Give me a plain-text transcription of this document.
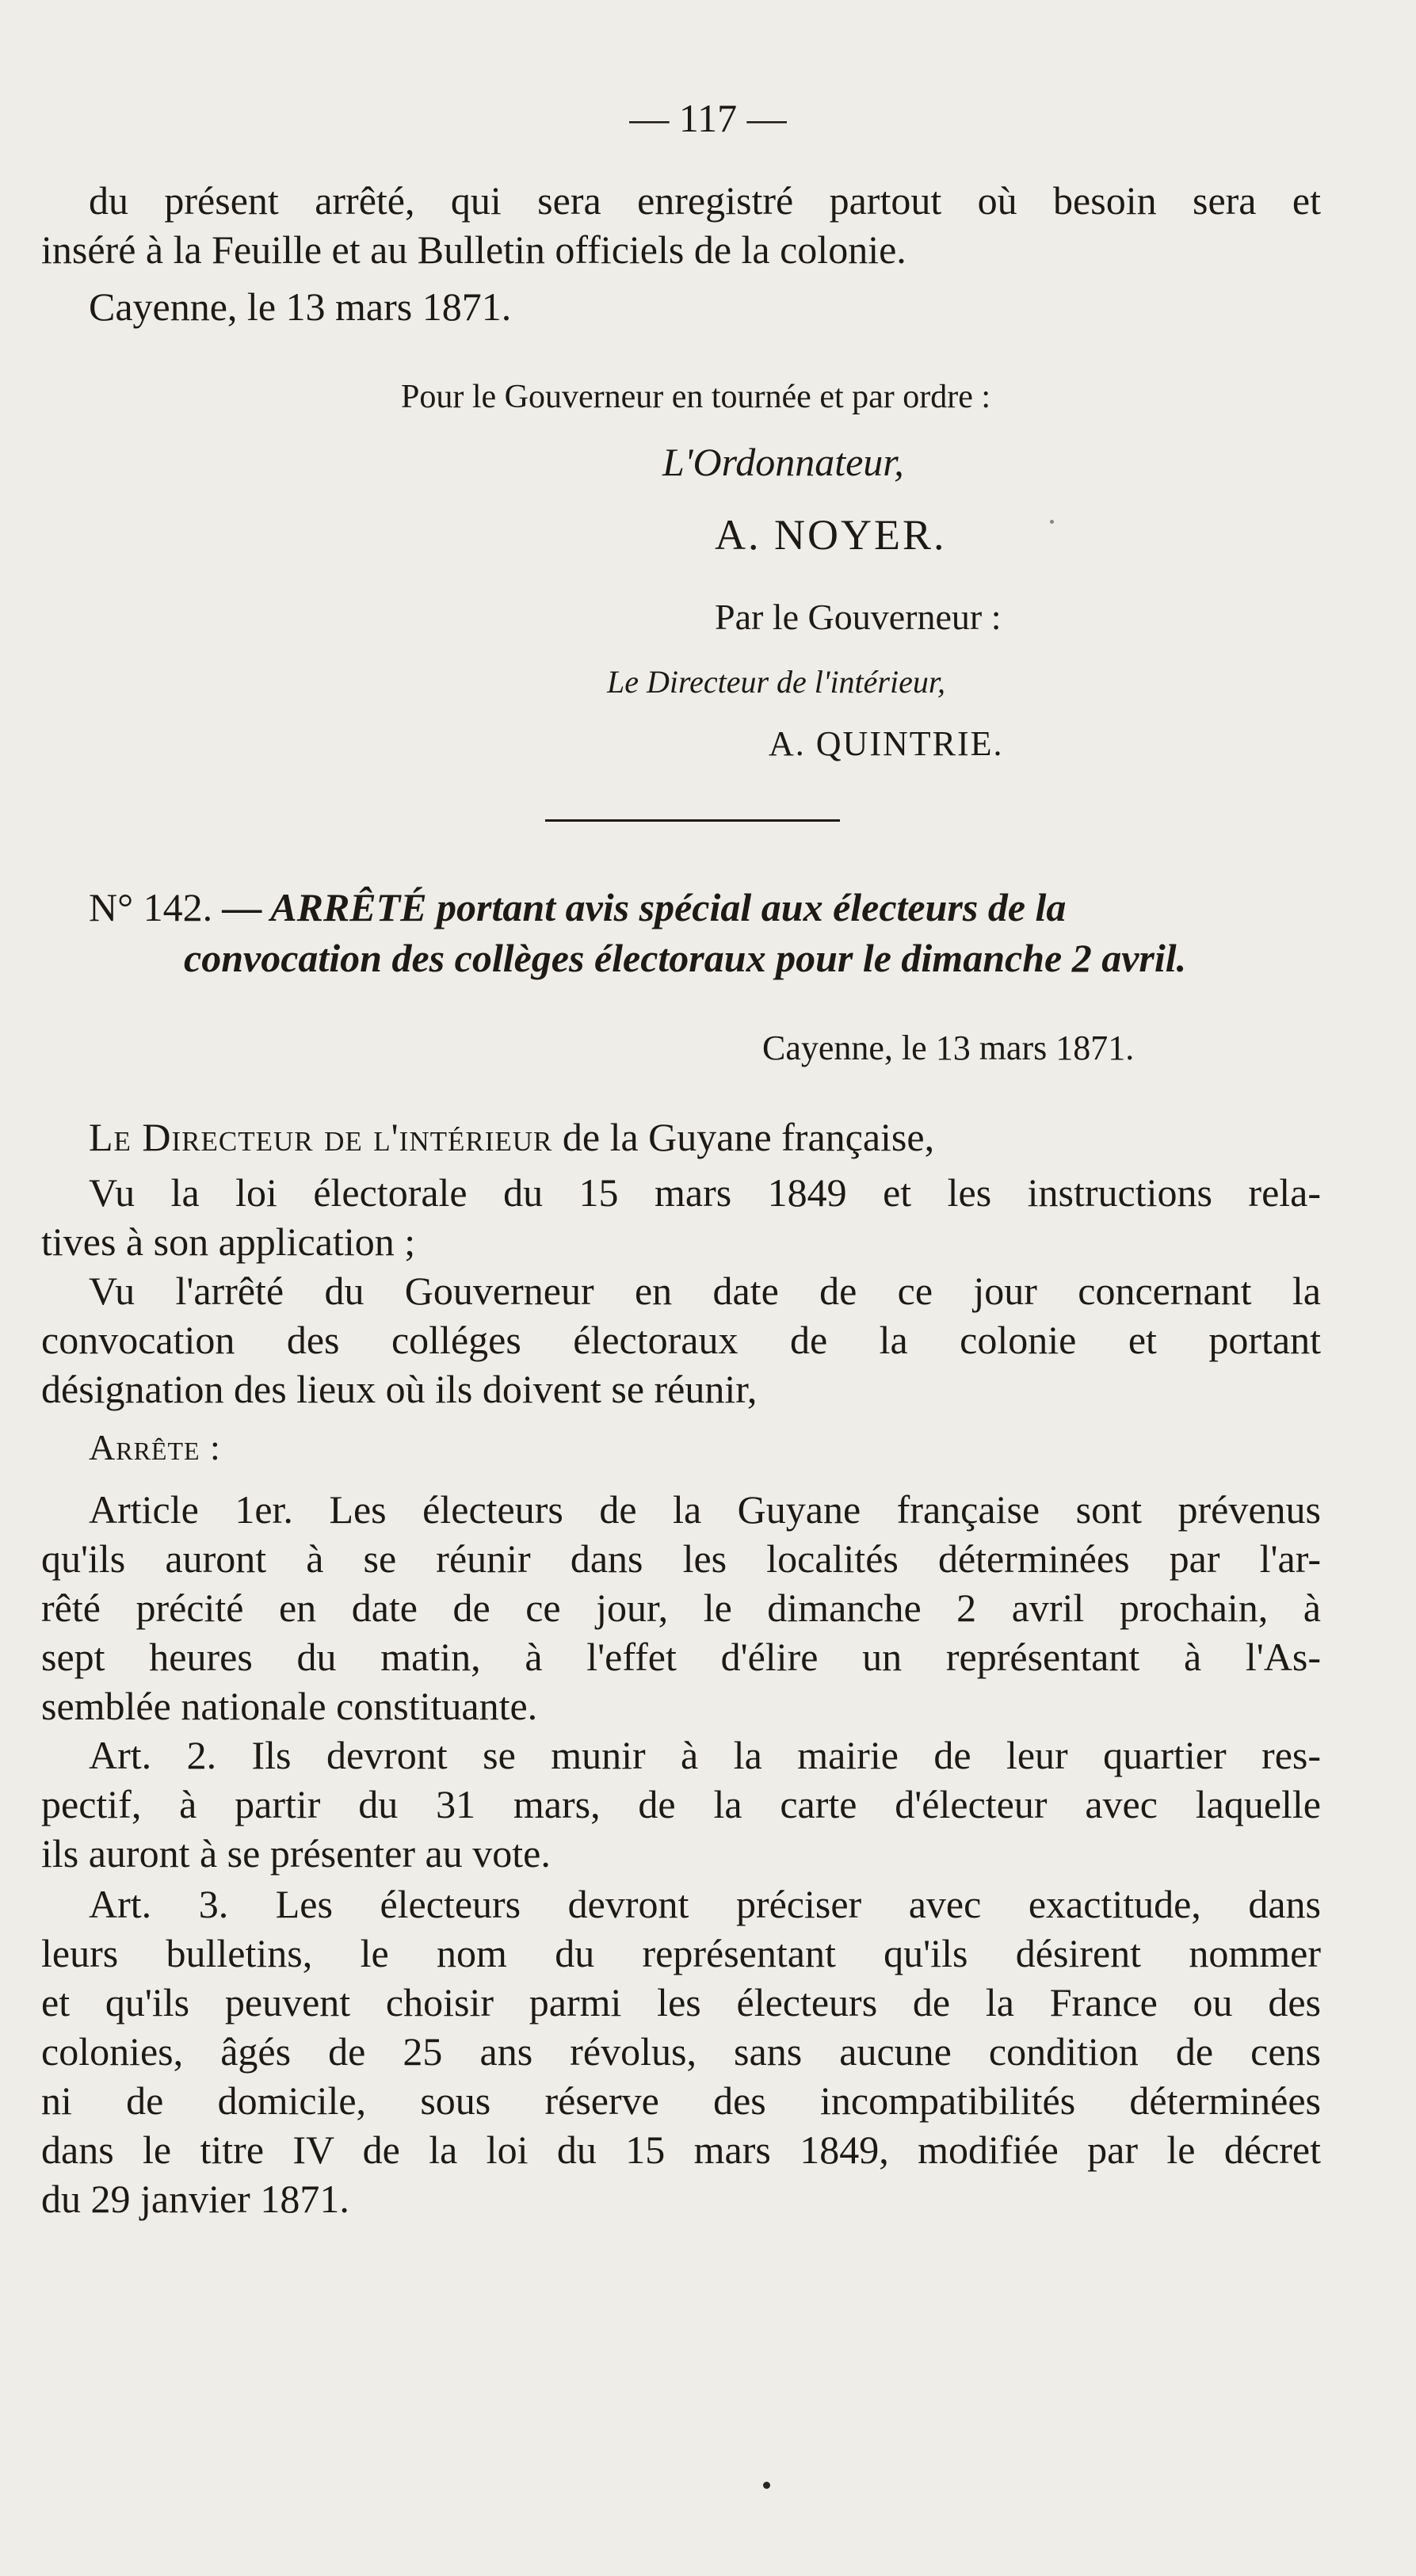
— 117 —
du présent arrêté, qui sera enregistré partout où besoin sera et
inséré à la Feuille et au Bulletin officiels de la colonie.
Cayenne, le 13 mars 1871.
Pour le Gouverneur en tournée et par ordre :
L'Ordonnateur,
A. NOYER.
Par le Gouverneur :
Le Directeur de l'intérieur,
A. QUINTRIE.
N° 142. — ARRÊTÉ portant avis spécial aux électeurs de la
convocation des collèges électoraux pour le dimanche 2 avril.
Cayenne, le 13 mars 1871.
Le Directeur de l'intérieur de la Guyane française,
Vu la loi électorale du 15 mars 1849 et les instructions rela-
tives à son application ;
Vu l'arrêté du Gouverneur en date de ce jour concernant la
convocation des colléges électoraux de la colonie et portant
désignation des lieux où ils doivent se réunir,
Arrête :
Article 1er. Les électeurs de la Guyane française sont prévenus
qu'ils auront à se réunir dans les localités déterminées par l'ar-
rêté précité en date de ce jour, le dimanche 2 avril prochain, à
sept heures du matin, à l'effet d'élire un représentant à l'As-
semblée nationale constituante.
Art. 2. Ils devront se munir à la mairie de leur quartier res-
pectif, à partir du 31 mars, de la carte d'électeur avec laquelle
ils auront à se présenter au vote.
Art. 3. Les électeurs devront préciser avec exactitude, dans
leurs bulletins, le nom du représentant qu'ils désirent nommer
et qu'ils peuvent choisir parmi les électeurs de la France ou des
colonies, âgés de 25 ans révolus, sans aucune condition de cens
ni de domicile, sous réserve des incompatibilités déterminées
dans le titre IV de la loi du 15 mars 1849, modifiée par le décret
du 29 janvier 1871.
